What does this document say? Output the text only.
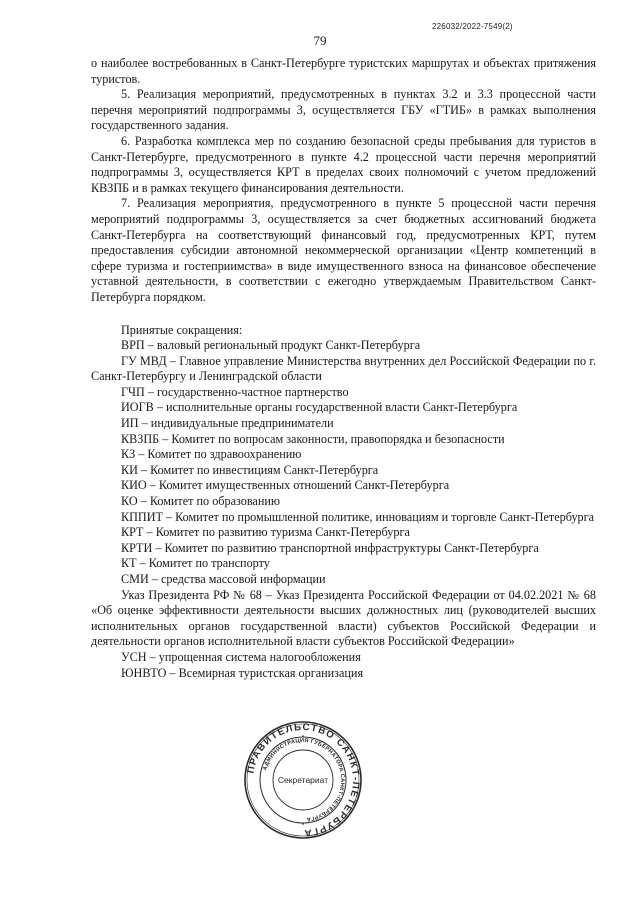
226032/2022-7549(2)
79

о наиболее востребованных в Санкт-Петербурге туристских маршрутах и объектах притяжения туристов.

5. Реализация мероприятий, предусмотренных в пунктах 3.2 и 3.3 процессной части перечня мероприятий подпрограммы 3, осуществляется ГБУ «ГТИБ» в рамках выполнения государственного задания.

6. Разработка комплекса мер по созданию безопасной среды пребывания для туристов в Санкт-Петербурге, предусмотренного в пункте 4.2 процессной части перечня мероприятий подпрограммы 3, осуществляется КРТ в пределах своих полномочий с учетом предложений КВЗПБ и в рамках текущего финансирования деятельности.

7. Реализация мероприятия, предусмотренного в пункте 5 процессной части перечня мероприятий подпрограммы 3, осуществляется за счет бюджетных ассигнований бюджета Санкт-Петербурга на соответствующий финансовый год, предусмотренных КРТ, путем предоставления субсидии автономной некоммерческой организации «Центр компетенций в сфере туризма и гостеприимства» в виде имущественного взноса на финансовое обеспечение уставной деятельности, в соответствии с ежегодно утверждаемым Правительством Санкт-Петербурга порядком.

Принятые сокращения:

ВРП – валовый региональный продукт Санкт-Петербурга

ГУ МВД – Главное управление Министерства внутренних дел Российской Федерации по г. Санкт-Петербургу и Ленинградской области

ГЧП – государственно-частное партнерство

ИОГВ – исполнительные органы государственной власти Санкт-Петербурга

ИП – индивидуальные предприниматели

КВЗПБ – Комитет по вопросам законности, правопорядка и безопасности

КЗ – Комитет по здравоохранению

КИ – Комитет по инвестициям Санкт-Петербурга

КИО – Комитет имущественных отношений Санкт-Петербурга

КО – Комитет по образованию

КППИТ – Комитет по промышленной политике, инновациям и торговле Санкт-Петербурга

КРТ – Комитет по развитию туризма Санкт-Петербурга

КРТИ – Комитет по развитию транспортной инфраструктуры Санкт-Петербурга

КТ – Комитет по транспорту

СМИ – средства массовой информации

Указ Президента РФ № 68 – Указ Президента Российской Федерации от 04.02.2021 № 68 «Об оценке эффективности деятельности высших должностных лиц (руководителей высших исполнительных органов государственной власти) субъектов Российской Федерации и деятельности органов исполнительной власти субъектов Российской Федерации»

УСН – упрощенная система налогообложения

ЮНВТО – Всемирная туристская организация

ПРАВИТЕЛЬСТВО САНКТ-ПЕТЕРБУРГА
АДМИНИСТРАЦИЯ ГУБЕРНАТОРА САНКТ-ПЕТЕРБУРГА
Секретариат
